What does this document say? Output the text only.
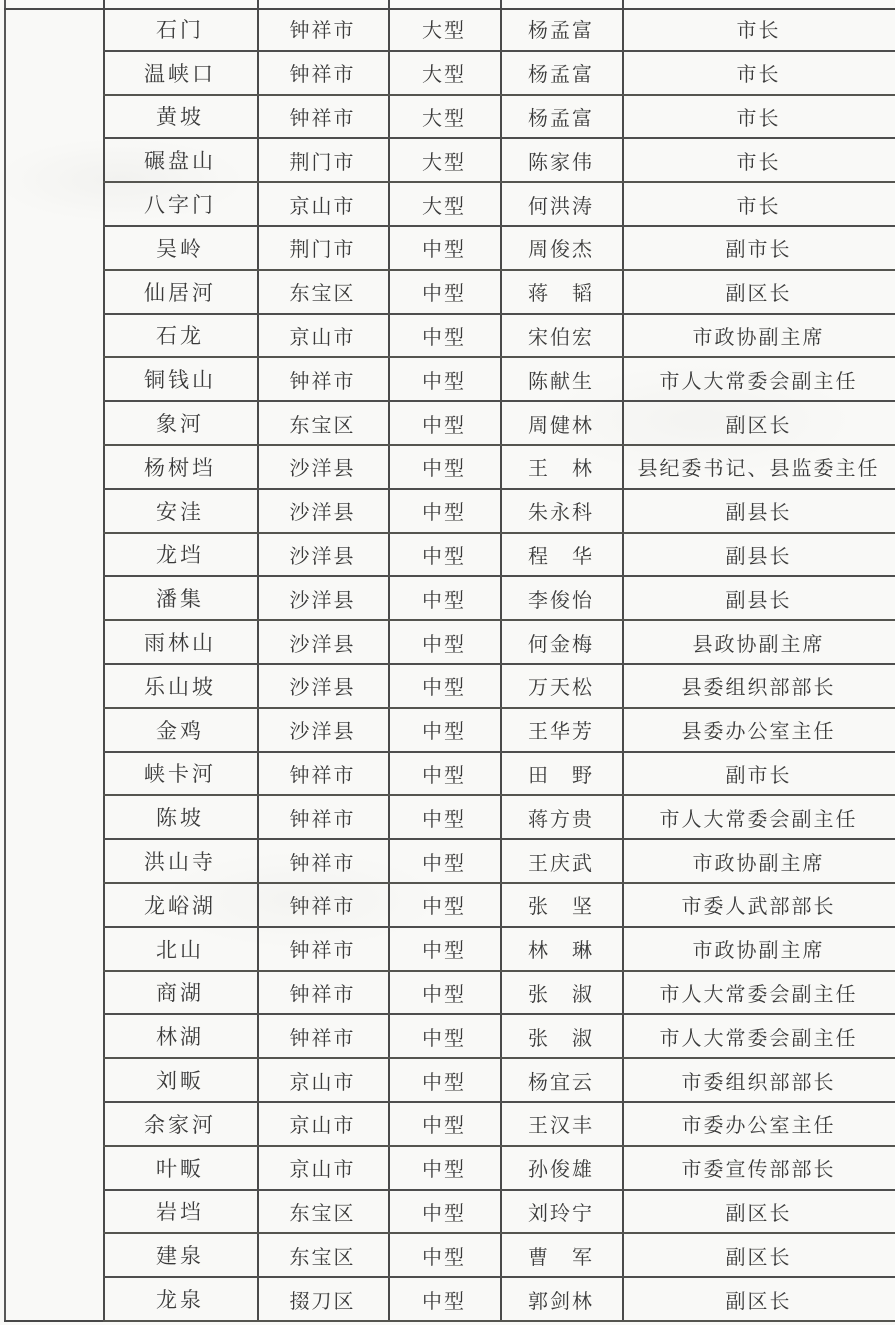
石门	钟祥市	大型	杨孟富	市长
温峡口	钟祥市	大型	杨孟富	市长
黄坡	钟祥市	大型	杨孟富	市长
碾盘山	荆门市	大型	陈家伟	市长
八字门	京山市	大型	何洪涛	市长
吴岭	荆门市	中型	周俊杰	副市长
仙居河	东宝区	中型	蒋　韬	副区长
石龙	京山市	中型	宋伯宏	市政协副主席
铜钱山	钟祥市	中型	陈献生	市人大常委会副主任
象河	东宝区	中型	周健林	副区长
杨树垱	沙洋县	中型	王　林	县纪委书记、县监委主任
安洼	沙洋县	中型	朱永科	副县长
龙垱	沙洋县	中型	程　华	副县长
潘集	沙洋县	中型	李俊怡	副县长
雨林山	沙洋县	中型	何金梅	县政协副主席
乐山坡	沙洋县	中型	万天松	县委组织部部长
金鸡	沙洋县	中型	王华芳	县委办公室主任
峡卡河	钟祥市	中型	田　野	副市长
陈坡	钟祥市	中型	蒋方贵	市人大常委会副主任
洪山寺	钟祥市	中型	王庆武	市政协副主席
龙峪湖	钟祥市	中型	张　坚	市委人武部部长
北山	钟祥市	中型	林　琳	市政协副主席
商湖	钟祥市	中型	张　淑	市人大常委会副主任
林湖	钟祥市	中型	张　淑	市人大常委会副主任
刘畈	京山市	中型	杨宜云	市委组织部部长
余家河	京山市	中型	王汉丰	市委办公室主任
叶畈	京山市	中型	孙俊雄	市委宣传部部长
岩垱	东宝区	中型	刘玲宁	副区长
建泉	东宝区	中型	曹　军	副区长
龙泉	掇刀区	中型	郭剑林	副区长
